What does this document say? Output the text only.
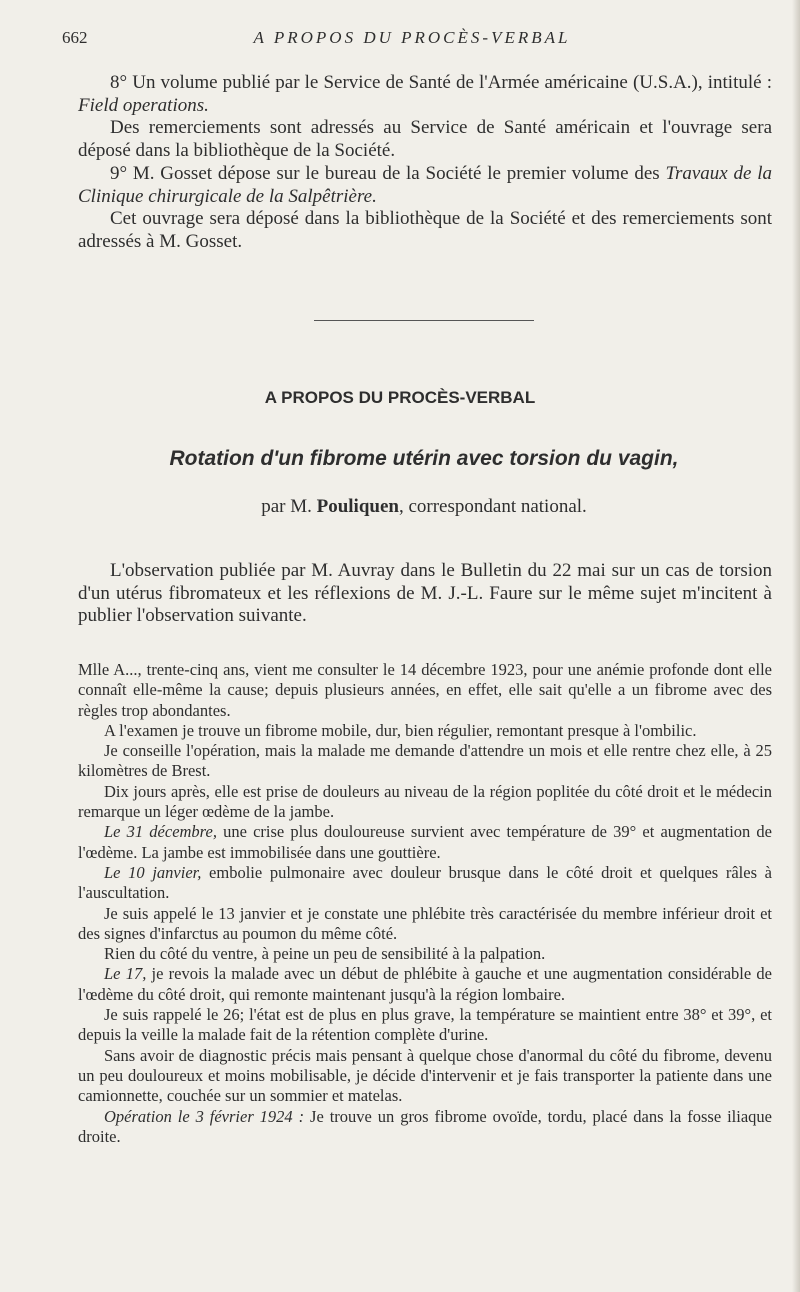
662	A PROPOS DU PROCÈS-VERBAL

8° Un volume publié par le Service de Santé de l'Armée américaine (U.S.A.), intitulé : Field operations.

Des remerciements sont adressés au Service de Santé américain et l'ouvrage sera déposé dans la bibliothèque de la Société.

9° M. Gosset dépose sur le bureau de la Société le premier volume des Travaux de la Clinique chirurgicale de la Salpêtrière.

Cet ouvrage sera déposé dans la bibliothèque de la Société et des remerciements sont adressés à M. Gosset.

A PROPOS DU PROCÈS-VERBAL
Rotation d'un fibrome utérin avec torsion du vagin,
par M. Pouliquen, correspondant national.

L'observation publiée par M. Auvray dans le Bulletin du 22 mai sur un cas de torsion d'un utérus fibromateux et les réflexions de M. J.-L. Faure sur le même sujet m'incitent à publier l'observation suivante.

Mlle A..., trente-cinq ans, vient me consulter le 14 décembre 1923, pour une anémie profonde dont elle connaît elle-même la cause; depuis plusieurs années, en effet, elle sait qu'elle a un fibrome avec des règles trop abondantes.

A l'examen je trouve un fibrome mobile, dur, bien régulier, remontant presque à l'ombilic.

Je conseille l'opération, mais la malade me demande d'attendre un mois et elle rentre chez elle, à 25 kilomètres de Brest.

Dix jours après, elle est prise de douleurs au niveau de la région poplitée du côté droit et le médecin remarque un léger œdème de la jambe.

Le 31 décembre, une crise plus douloureuse survient avec température de 39° et augmentation de l'œdème. La jambe est immobilisée dans une gouttière.

Le 10 janvier, embolie pulmonaire avec douleur brusque dans le côté droit et quelques râles à l'auscultation.

Je suis appelé le 13 janvier et je constate une phlébite très caractérisée du membre inférieur droit et des signes d'infarctus au poumon du même côté.

Rien du côté du ventre, à peine un peu de sensibilité à la palpation.

Le 17, je revois la malade avec un début de phlébite à gauche et une augmentation considérable de l'œdème du côté droit, qui remonte maintenant jusqu'à la région lombaire.

Je suis rappelé le 26; l'état est de plus en plus grave, la température se maintient entre 38° et 39°, et depuis la veille la malade fait de la rétention complète d'urine.

Sans avoir de diagnostic précis mais pensant à quelque chose d'anormal du côté du fibrome, devenu un peu douloureux et moins mobilisable, je décide d'intervenir et je fais transporter la patiente dans une camionnette, couchée sur un sommier et matelas.

Opération le 3 février 1924 : Je trouve un gros fibrome ovoïde, tordu, placé dans la fosse iliaque droite.
